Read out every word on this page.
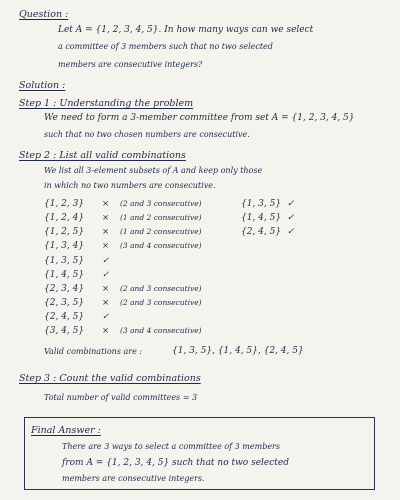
Question :
Let A = {1, 2, 3, 4, 5}. In how many ways can we select
a committee of 3 members such that no two selected
members are consecutive integers?
Solution :
Step 1 : Understanding the problem
We need to form a 3-member committee from set A = {1, 2, 3, 4, 5}
such that no two chosen numbers are consecutive.
Step 2 : List all valid combinations
We list all 3-element subsets of A and keep only those
in which no two numbers are consecutive.
{1, 2, 3} × (2 and 3 consecutive)
{1, 2, 4} × (1 and 2 consecutive)
{1, 2, 5} × (1 and 2 consecutive)
{1, 3, 4} × (3 and 4 consecutive)
{1, 3, 5} ✓
{1, 4, 5} ✓
{2, 3, 4} × (2 and 3 consecutive)
{2, 3, 5} × (2 and 3 consecutive)
{2, 4, 5} ✓
{3, 4, 5} × (3 and 4 consecutive)
{1, 3, 5} ✓
{1, 4, 5} ✓
{2, 4, 5} ✓
Valid combinations are :	{1, 3, 5}, {1, 4, 5}, {2, 4, 5}
Step 3 : Count the valid combinations
Total number of valid committees = 3
Final Answer :
There are 3 ways to select a committee of 3 members
from A = {1, 2, 3, 4, 5} such that no two selected
members are consecutive integers.
